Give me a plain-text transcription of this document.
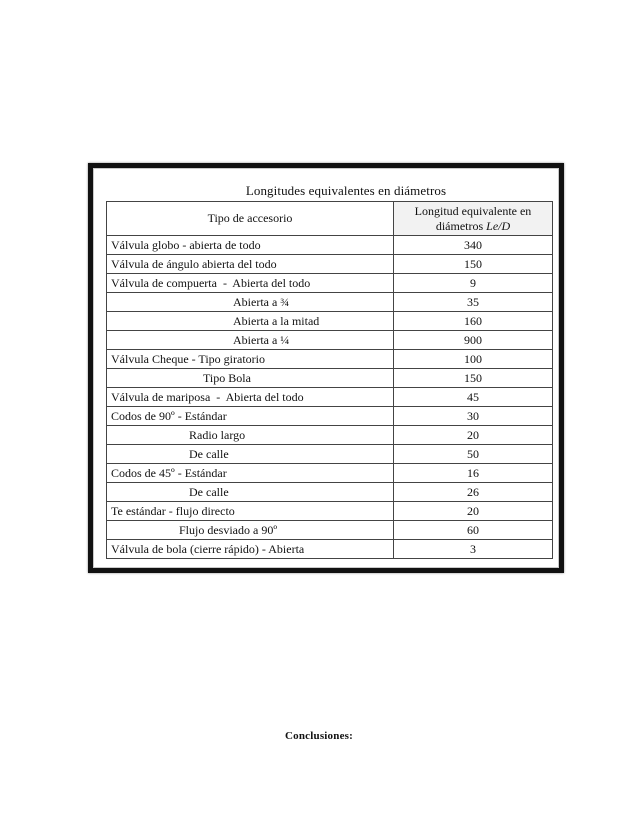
Longitudes equivalentes en diámetros
Tipo de accesorio	Longitud equivalente en
diámetros Le/D
Válvula globo - abierta de todo	340
Válvula de ángulo abierta del todo	150
Válvula de compuerta  -  Abierta del todo	9
Abierta a ¾	35
Abierta a la mitad	160
Abierta a ¼	900
Válvula Cheque - Tipo giratorio	100
Tipo Bola	150
Válvula de mariposa  -  Abierta del todo	45
Codos de 90º - Estándar	30
Radio largo	20
De calle	50
Codos de 45º - Estándar	16
De calle	26
Te estándar - flujo directo	20
Flujo desviado a 90º	60
Válvula de bola (cierre rápido) - Abierta	3
Conclusiones:
